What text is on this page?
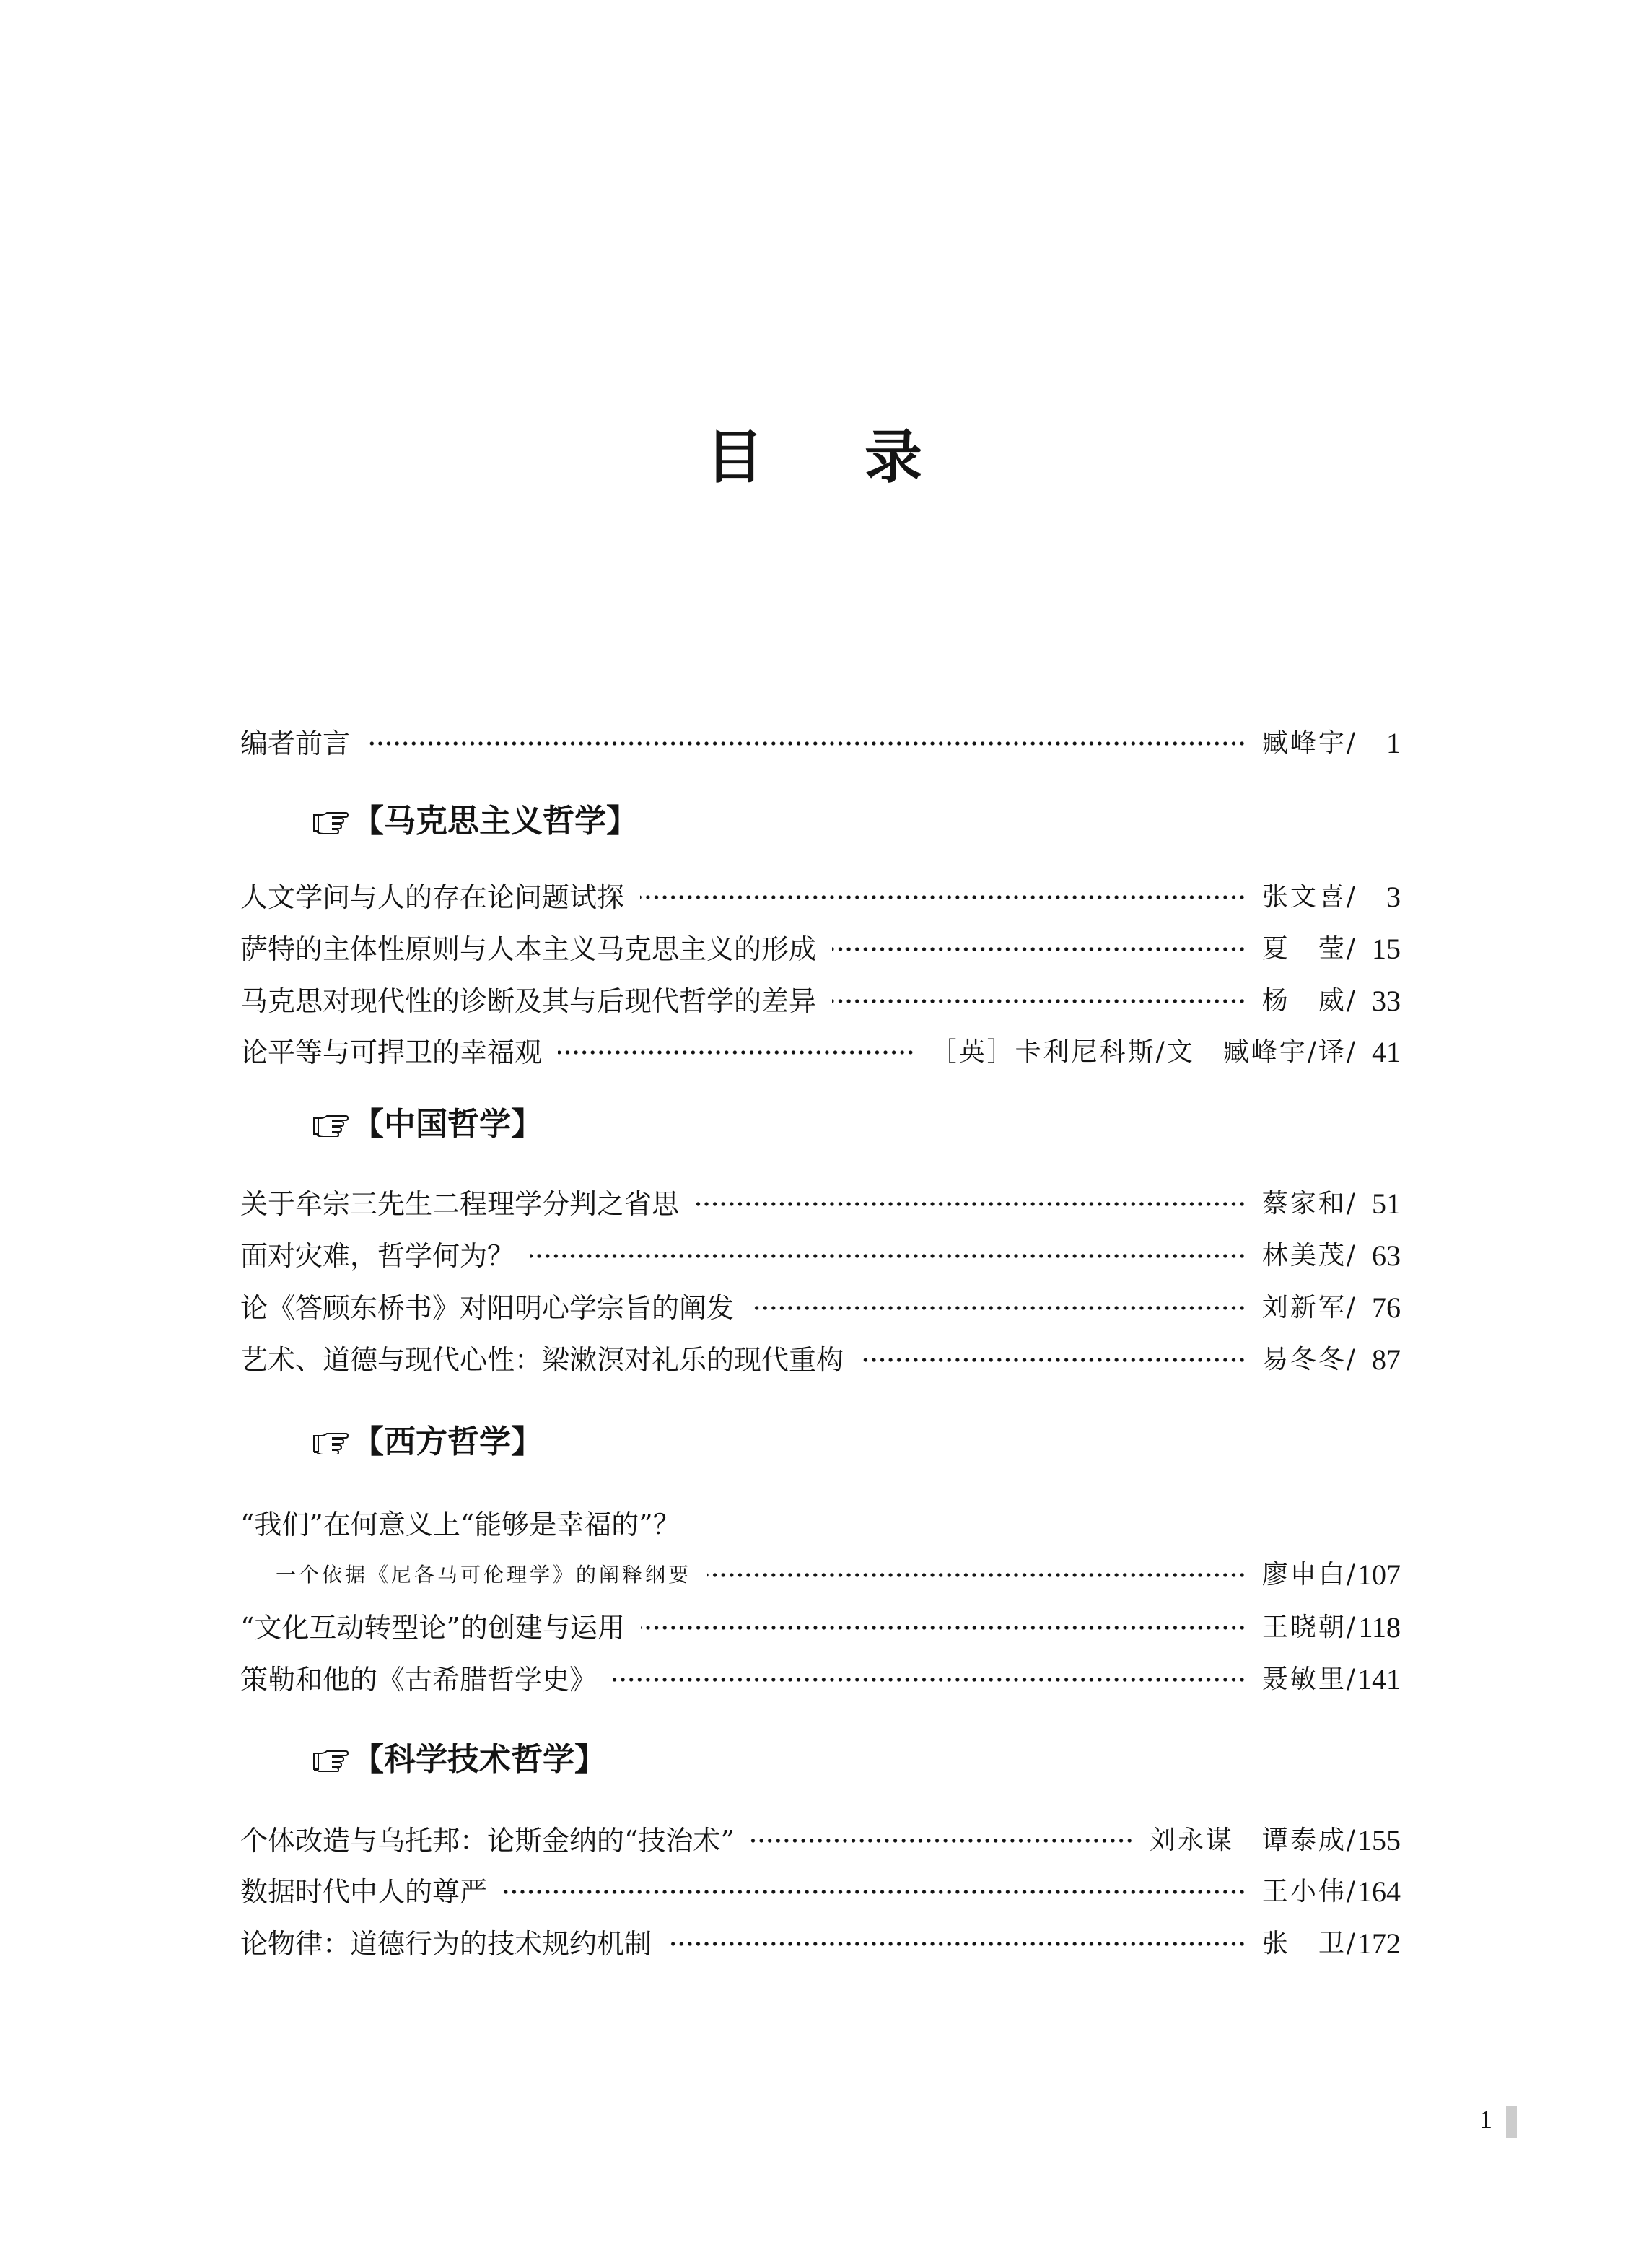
目 录
编者前言	臧峰宇/	1
【马克思主义哲学】
人文学问与人的存在论问题试探	张文喜/	3
萨特的主体性原则与人本主义马克思主义的形成	夏　莹/ 15
马克思对现代性的诊断及其与后现代哲学的差异	杨　威/ 33
论平等与可捍卫的幸福观	［英］卡利尼科斯/文　臧峰宇/译/ 41
【中国哲学】
关于牟宗三先生二程理学分判之省思	蔡家和/ 51
面对灾难，哲学何为？	林美茂/ 63
论《答顾东桥书》对阳明心学宗旨的阐发	刘新军/ 76
艺术、道德与现代心性：梁漱溟对礼乐的现代重构	易冬冬/ 87
【西方哲学】
“我们”在何意义上“能够是幸福的”？
一个依据《尼各马可伦理学》的阐释纲要	廖申白/ 107
“文化互动转型论”的创建与运用	王晓朝/ 118
策勒和他的《古希腊哲学史》	聂敏里/ 141
【科学技术哲学】
个体改造与乌托邦：论斯金纳的“技治术”	刘永谋　谭泰成/ 155
数据时代中人的尊严	王小伟/ 164
论物律：道德行为的技术规约机制	张　卫/ 172
1
